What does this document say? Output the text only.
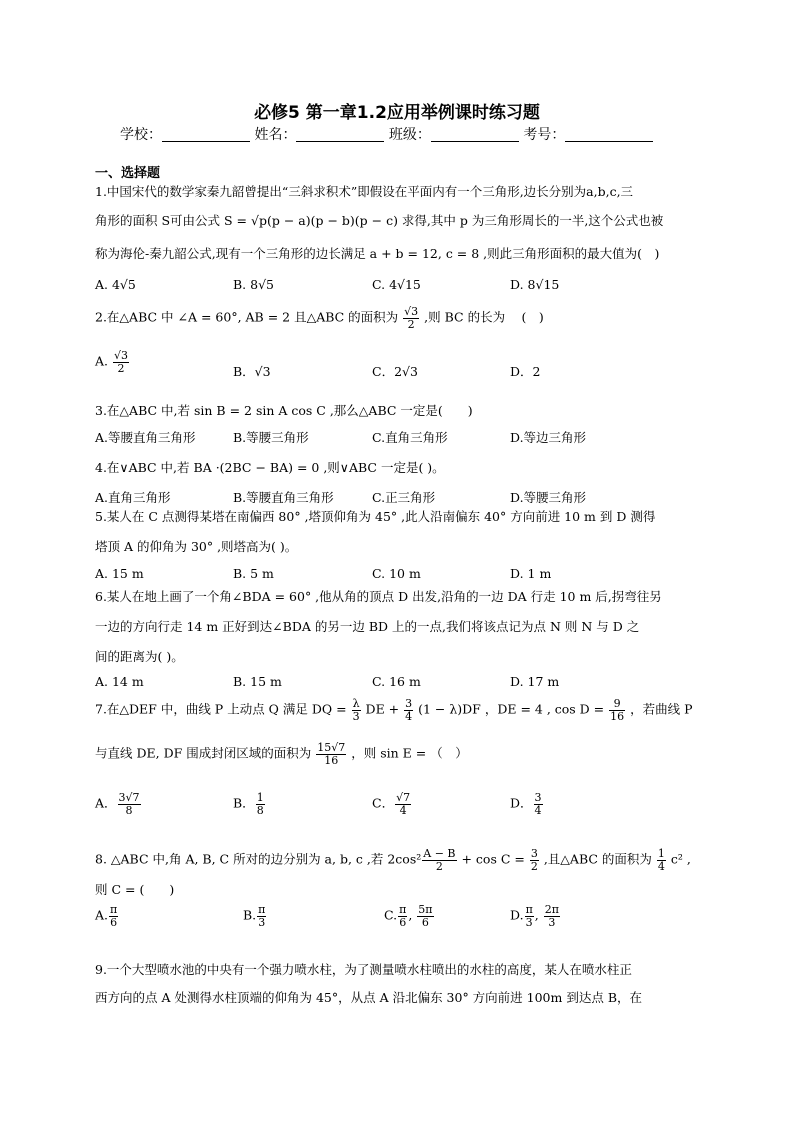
必修5 第一章1.2应用举例课时练习题
学校：	姓名：	班级：	考号：
一、选择题
1.中国宋代的数学家秦九韶曾提出“三斜求积术”即假设在平面内有一个三角形,边长分别为a,b,c,三
角形的面积 S可由公式 S = √p(p − a)(p − b)(p − c) 求得,其中 p 为三角形周长的一半,这个公式也被
称为海伦-秦九韶公式,现有一个三角形的边长满足 a + b = 12, c = 8 ,则此三角形面积的最大值为(　)
A. 4√5	B. 8√5	C. 4√15	D. 8√15
2.在△ABC 中 ∠A = 60°, AB = 2 且△ABC 的面积为 $\frac{√3}{2}$ ,则 BC 的长为 　(　)
A. $\frac{√3}{2}$	B．√3	C．2√3	D．2
3.在△ABC 中,若 sin B = 2 sin A cos C ,那么△ABC 一定是(　　)
A.等腰直角三角形	B.等腰三角形	C.直角三角形	D.等边三角形
4.在∨ABC 中,若 BA ·(2BC − BA) = 0 ,则∨ABC 一定是( )。
A.直角三角形	B.等腰直角三角形	C.正三角形	D.等腰三角形
5.某人在 C 点测得某塔在南偏西 80° ,塔顶仰角为 45° ,此人沿南偏东 40° 方向前进 10 m 到 D 测得
塔顶 A 的仰角为 30° ,则塔高为( )。
A. 15 m	B. 5 m	C. 10 m	D. 1 m
6.某人在地上画了一个角∠BDA = 60° ,他从角的顶点 D 出发,沿角的一边 DA 行走 10 m 后,拐弯往另
一边的方向行走 14 m 正好到达∠BDA 的另一边 BD 上的一点,我们将该点记为点 N 则 N 与 D 之
间的距离为( )。
A. 14 m	B. 15 m	C. 16 m	D. 17 m
7.在△DEF 中，曲线 P 上动点 Q 满足 DQ = $\frac{\lambda}{3}$ DE + $\frac{3}{4} (1 - \lambda)DF$ ，DE = 4 , $\cos D = \frac{9}{16}$ ，若曲线 P
与直线 DE, DF 围成封闭区域的面积为 $\frac{15√7}{16}$ ，则 sin E = （　）
A． $\frac{3√7}{8}$	B． $\frac{1}{8}$	C． $\frac{√7}{4}$	D． $\frac{3}{4}$
8. △ABC 中,角 A, B, C 所对的边分别为 a, b, c ,若 $2\cos^2 \frac{A - B}{2} + \cos C = \frac{3}{2}$ ,且△ABC 的面积为 $\frac{1}{4} c^2$ ,
则 C = (　　)
A. $\frac{\pi}{6}$	B. $\frac{\pi}{3}$	C. $\frac{\pi}{6}$ , $\frac{5\pi}{6}$	D. $\frac{\pi}{3}$ , $\frac{2\pi}{3}$
9.一个大型喷水池的中央有一个强力喷水柱，为了测量喷水柱喷出的水柱的高度，某人在喷水柱正
西方向的点 A 处测得水柱顶端的仰角为 45°，从点 A 沿北偏东 30° 方向前进 100m 到达点 B，在
